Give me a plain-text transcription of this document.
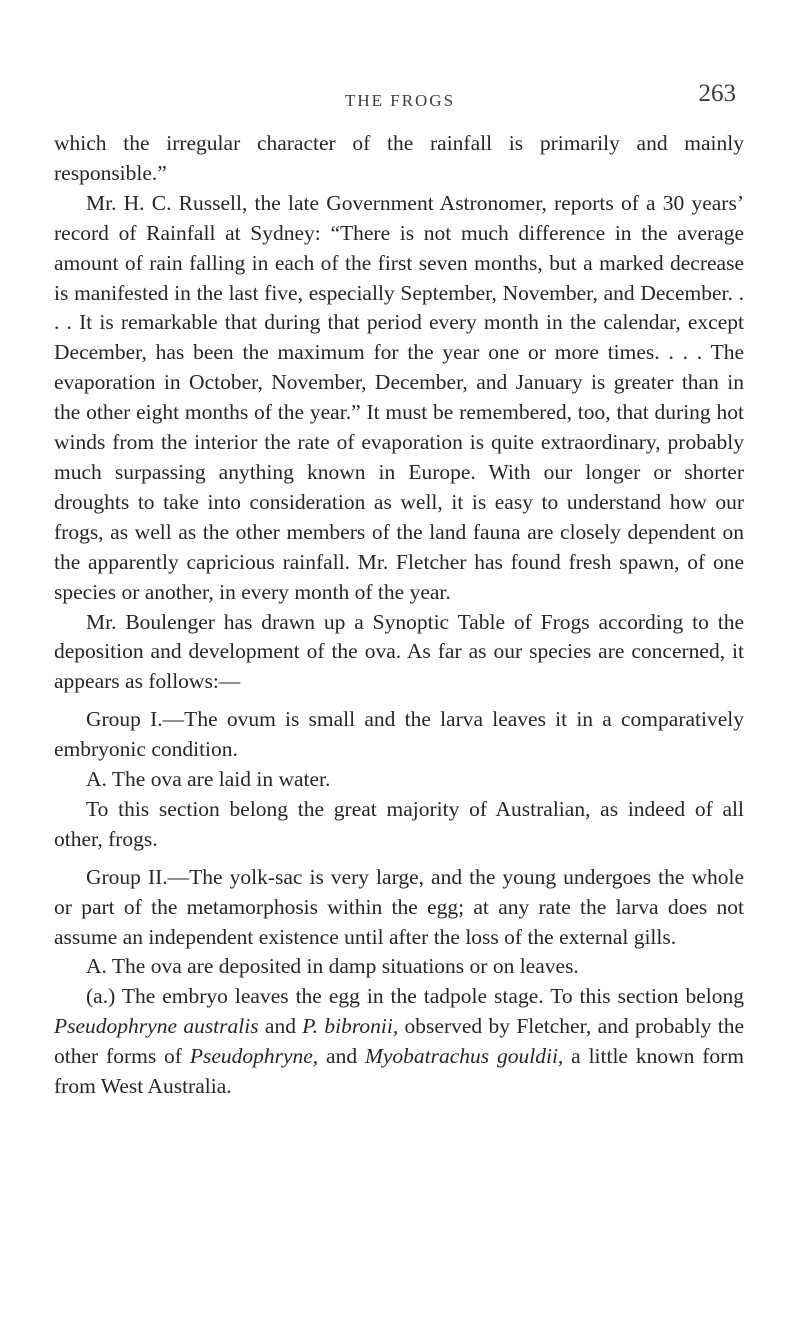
THE FROGS	263

which the irregular character of the rainfall is primarily and mainly responsible.”

Mr. H. C. Russell, the late Government Astronomer, reports of a 30 years’ record of Rainfall at Sydney: “There is not much difference in the average amount of rain falling in each of the first seven months, but a marked decrease is manifested in the last five, especially September, November, and December. . . . It is remarkable that during that period every month in the calendar, except December, has been the maximum for the year one or more times. . . . The evaporation in October, November, December, and January is greater than in the other eight months of the year.” It must be remembered, too, that during hot winds from the interior the rate of evaporation is quite extraordinary, probably much surpassing anything known in Europe. With our longer or shorter droughts to take into consideration as well, it is easy to understand how our frogs, as well as the other members of the land fauna are closely dependent on the apparently capricious rainfall. Mr. Fletcher has found fresh spawn, of one species or another, in every month of the year.

Mr. Boulenger has drawn up a Synoptic Table of Frogs according to the deposition and development of the ova. As far as our species are concerned, it appears as follows:—

Group I.—The ovum is small and the larva leaves it in a comparatively embryonic condition.

A. The ova are laid in water.

To this section belong the great majority of Australian, as indeed of all other, frogs.

Group II.—The yolk-sac is very large, and the young undergoes the whole or part of the metamorphosis within the egg; at any rate the larva does not assume an independent existence until after the loss of the external gills.

A. The ova are deposited in damp situations or on leaves.

(a.) The embryo leaves the egg in the tadpole stage. To this section belong Pseudophryne australis and P. bibronii, observed by Fletcher, and probably the other forms of Pseudophryne, and Myobatrachus gouldii, a little known form from West Australia.
